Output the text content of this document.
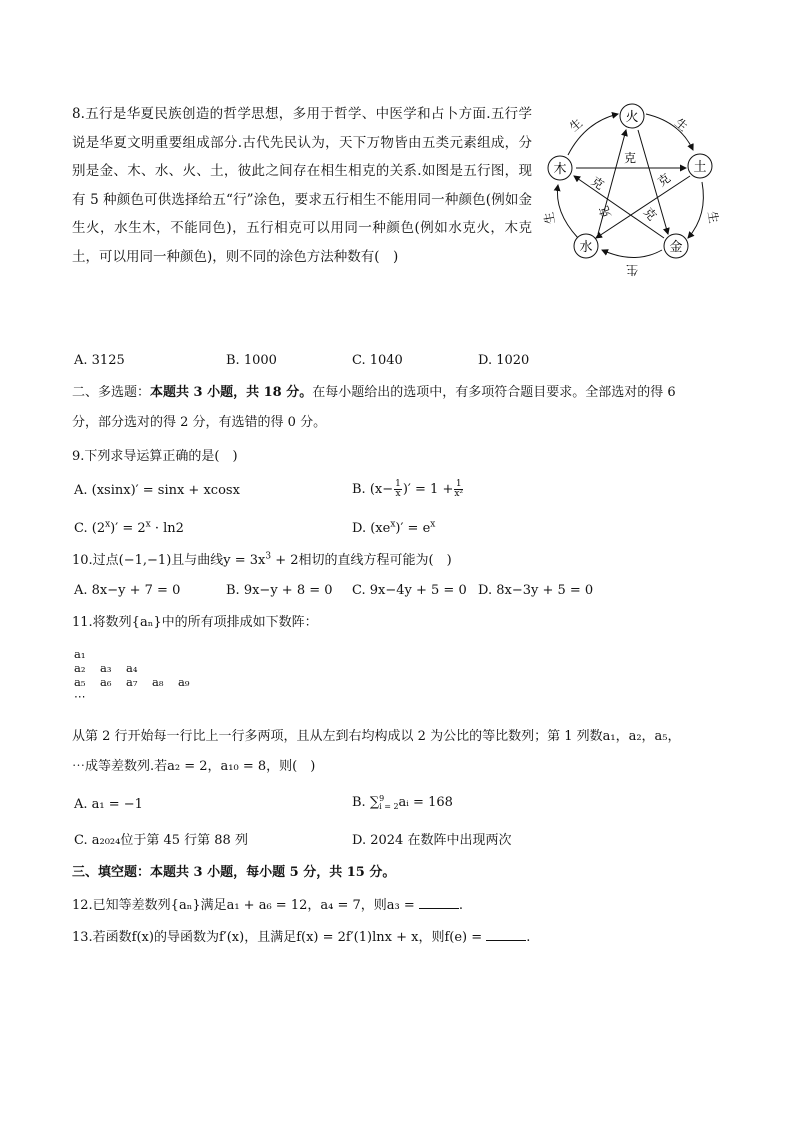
8.五行是华夏民族创造的哲学思想，多用于哲学、中医学和占卜方面.五行学说是华夏文明重要组成部分.古代先民认为，天下万物皆由五类元素组成，分别是金、木、水、火、土，彼此之间存在相生相克的关系.如图是五行图，现有 5 种颜色可供选择给五“行”涂色，要求五行相生不能用同一种颜色(例如金生火，水生木，不能同色)，五行相克可以用同一种颜色(例如水克火，木克土，可以用同一种颜色)，则不同的涂色方法种数有(　)
火
土
金
水
木
生	生
生
生
生
克
克
克
克
克
A. 3125	B. 1000	C. 1040	D. 1020
二、多选题：本题共 3 小题，共 18 分。在每小题给出的选项中，有多项符合题目要求。全部选对的得 6
分，部分选对的得 2 分，有选错的得 0 分。
9.下列求导运算正确的是(　)
A. (xsinx)′ = sinx + xcosx	B. ($x- \frac{1}{x}$ )′ = $1 + \frac{1}{\text{x²}}$
C. $(2^x)' = 2^x \cdot \ln 2$	D. $(xe^x)' = e^x$
10.过点(−1,−1)且与曲线$y = 3x^3 + 2$相切的直线方程可能为(　)
A. 8x−y + 7 = 0	B. 9x−y + 8 = 0 C. 9x−4y + 5 = 0 D. 8x−3y + 5 = 0
11.将数列{aₙ}中的所有项排成如下数阵：
a₁
a₂ a₃ a₄
a₅ a₆ a₇ a₈ a₉
⋯
从第 2 行开始每一行比上一行多两项，且从左到右均构成以 2 为公比的等比数列；第 1 列数a₁，a₂，a₅，
⋯成等差数列.若a₂ = 2，a₁₀ = 8，则(　)
A. a₁ = −1	B. ∑ 9
i = 2 aᵢ = 168
C. a₂₀₂₄位于第 45 行第 88 列	D. 2024 在数阵中出现两次
三、填空题：本题共 3 小题，每小题 5 分，共 15 分。
12.已知等差数列{aₙ}满足a₁ + a₆ = 12，a₄ = 7，则a₃ =	.
13.若函数f(x)的导函数为f′(x)，且满足f(x) = 2f′(1)lnx + x，则f(e) =	.
